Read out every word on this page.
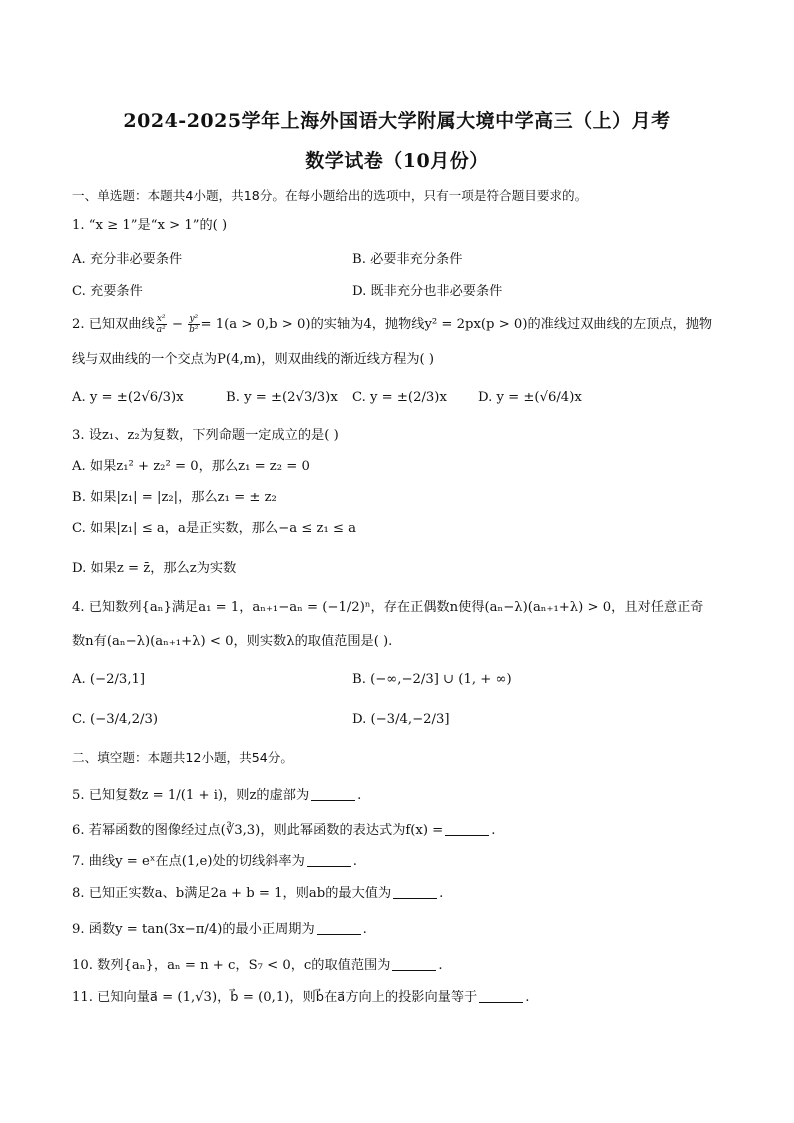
2024-2025学年上海外国语大学附属大境中学高三（上）月考
数学试卷（10月份）
一、单选题：本题共4小题，共18分。在每小题给出的选项中，只有一项是符合题目要求的。
1. “x ≥ 1”是“x > 1”的( )
A. 充分非必要条件	B. 必要非充分条件
C. 充要条件	D. 既非充分也非必要条件
2. 已知双曲线 $\frac{\text{x²}}{\text{a²}} - \frac{\text{y²}}{\text{b²}} = 1(a > 0,b > 0)$的实轴为4，抛物线y² = 2px(p > 0)的准线过双曲线的左顶点，抛物
线与双曲线的一个交点为P(4,m)，则双曲线的渐近线方程为( )
A. y = ±(2√6/3)x	B. y = ±(2√3/3)x C. y = ±(2/3)x D. y = ±(√6/4)x
3. 设z₁、z₂为复数，下列命题一定成立的是( )
A. 如果z₁² + z₂² = 0，那么z₁ = z₂ = 0
B. 如果|z₁| = |z₂|，那么z₁ = ± z₂
C. 如果|z₁| ≤ a，a是正实数，那么−a ≤ z₁ ≤ a
D. 如果z = z̄，那么z为实数
4. 已知数列{aₙ}满足a₁ = 1，aₙ₊₁−aₙ = (−1/2)ⁿ，存在正偶数n使得(aₙ−λ)(aₙ₊₁+λ) > 0，且对任意正奇
数n有(aₙ−λ)(aₙ₊₁+λ) < 0，则实数λ的取值范围是( ).
A. (−2/3,1]	B. (−∞,−2/3] ∪ (1, + ∞)
C. (−3/4,2/3)	D. (−3/4,−2/3]
二、填空题：本题共12小题，共54分。
5. 已知复数z = 1/(1 + i)，则z的虚部为	.
6. 若幂函数的图像经过点(∛3,3)，则此幂函数的表达式为f(x) =	.
7. 曲线y = eˣ在点(1,e)处的切线斜率为	.
8. 已知正实数a、b满足2a + b = 1，则ab的最大值为	.
9. 函数y = tan(3x−π/4)的最小正周期为	.
10. 数列{aₙ}，aₙ = n + c，S₇ < 0，c的取值范围为	.
11. 已知向量a⃗ = (1,√3)，b⃗ = (0,1)，则b⃗在a⃗方向上的投影向量等于	.
